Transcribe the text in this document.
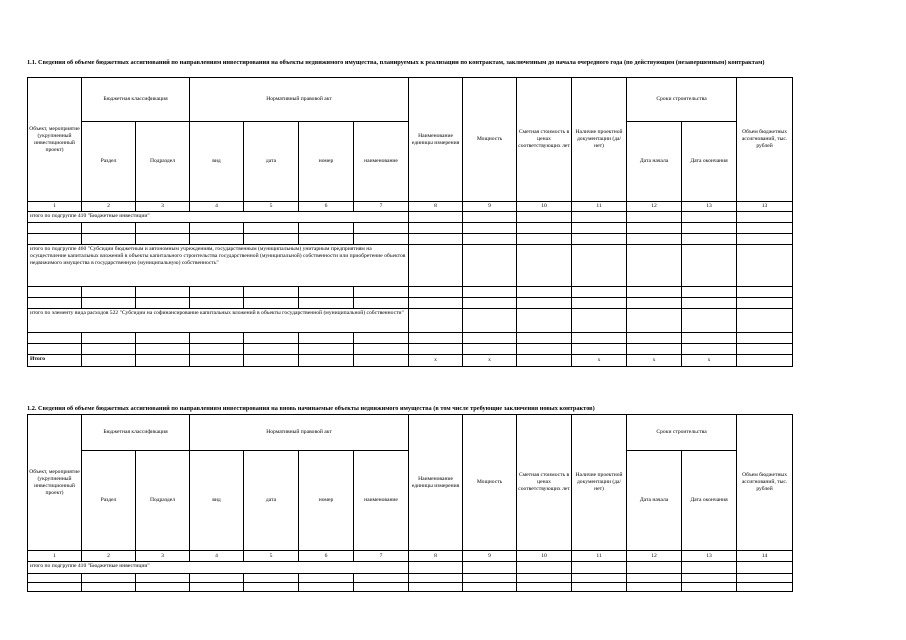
1.1. Сведения об объеме бюджетных ассигнований по направлениям инвестирования на объекты недвижимого имущества, планируемых к реализации по контрактам, заключенным до начала очередного года (по действующим (незавершенным) контрактам)
Объект, мероприятие (укрупненный инвестиционный проект)	Бюджетная классификация		Нормативный правовой акт				Наименование единицы измерения	Мощность	Сметная стоимость в ценах соответствующих лет	Наличие проектной документации (да/нет)	Сроки строительства		Объем бюджетных ассигнований, тыс. рублей
	Раздел	Подраздел	вид	дата	номер	наименование					Дата начала	Дата окончания	
1	2	3	4	5	6	7	8	9	10	11	12	13	13
итого по подгруппе 410 "Бюджетные инвестиции"													

итого по подгруппе 460 "Субсидии бюджетным и автономным учреждениям, государственным (муниципальным) унитарным предприятиям на осуществление капитальных вложений в объекты капитального строительства государственной (муниципальной) собственности или приобретение объектов недвижимого имущества в государственную (муниципальную) собственность"													

итого по элементу вида расходов 522 "Субсидии на софинансирование капитальных вложений в объекты государственной (муниципальной) собственности"													

Итого							x	x		x	x	x	
1.2. Сведения об объеме бюджетных ассигнований по направлениям инвестирования на вновь начинаемые объекты недвижимого имущества (в том числе требующие заключения новых контрактов)
Объект, мероприятие (укрупненный инвестиционный проект)	Бюджетная классификация		Нормативный правовой акт				Наименование единицы измерения	Мощность	Сметная стоимость в ценах соответствующих лет	Наличие проектной документации (да/нет)	Сроки строительства		Объем бюджетных ассигнований, тыс. рублей
	Раздел	Подраздел	вид	дата	номер	наименование					Дата начала	Дата окончания	
1	2	3	4	5	6	7	8	9	10	11	12	13	14
итого по подгруппе 410 "Бюджетные инвестиции"													
